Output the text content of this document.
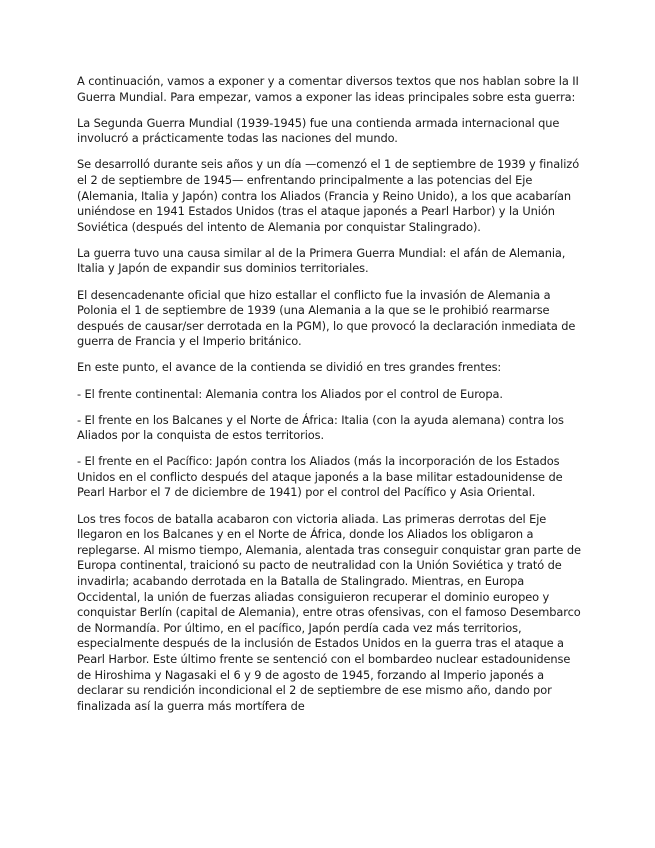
A continuación, vamos a exponer y a comentar diversos textos que nos hablan sobre la II Guerra Mundial. Para empezar, vamos a exponer las ideas principales sobre esta guerra:

La Segunda Guerra Mundial (1939-1945) fue una contienda armada internacional que involucró a prácticamente todas las naciones del mundo.

Se desarrolló durante seis años y un día —comenzó el 1 de septiembre de 1939 y finalizó el 2 de septiembre de 1945— enfrentando principalmente a las potencias del Eje (Alemania, Italia y Japón) contra los Aliados (Francia y Reino Unido), a los que acabarían uniéndose en 1941 Estados Unidos (tras el ataque japonés a Pearl Harbor) y la Unión Soviética (después del intento de Alemania por conquistar Stalingrado).

La guerra tuvo una causa similar al de la Primera Guerra Mundial: el afán de Alemania, Italia y Japón de expandir sus dominios territoriales.

El desencadenante oficial que hizo estallar el conflicto fue la invasión de Alemania a Polonia el 1 de septiembre de 1939 (una Alemania a la que se le prohibió rearmarse después de causar/ser derrotada en la PGM), lo que provocó la declaración inmediata de guerra de Francia y el Imperio británico.

En este punto, el avance de la contienda se dividió en tres grandes frentes:

- El frente continental: Alemania contra los Aliados por el control de Europa.

- El frente en los Balcanes y el Norte de África: Italia (con la ayuda alemana) contra los Aliados por la conquista de estos territorios.

- El frente en el Pacífico: Japón contra los Aliados (más la incorporación de los Estados Unidos en el conflicto después del ataque japonés a la base militar estadounidense de Pearl Harbor el 7 de diciembre de 1941) por el control del Pacífico y Asia Oriental.

Los tres focos de batalla acabaron con victoria aliada. Las primeras derrotas del Eje llegaron en los Balcanes y en el Norte de África, donde los Aliados los obligaron a replegarse. Al mismo tiempo, Alemania, alentada tras conseguir conquistar gran parte de Europa continental, traicionó su pacto de neutralidad con la Unión Soviética y trató de invadirla; acabando derrotada en la Batalla de Stalingrado. Mientras, en Europa Occidental, la unión de fuerzas aliadas consiguieron recuperar el dominio europeo y conquistar Berlín (capital de Alemania), entre otras ofensivas, con el famoso Desembarco de Normandía. Por último, en el pacífico, Japón perdía cada vez más territorios, especialmente después de la inclusión de Estados Unidos en la guerra tras el ataque a Pearl Harbor. Este último frente se sentenció con el bombardeo nuclear estadounidense de Hiroshima y Nagasaki el 6 y 9 de agosto de 1945, forzando al Imperio japonés a declarar su rendición incondicional el 2 de septiembre de ese mismo año, dando por finalizada así la guerra más mortífera de
